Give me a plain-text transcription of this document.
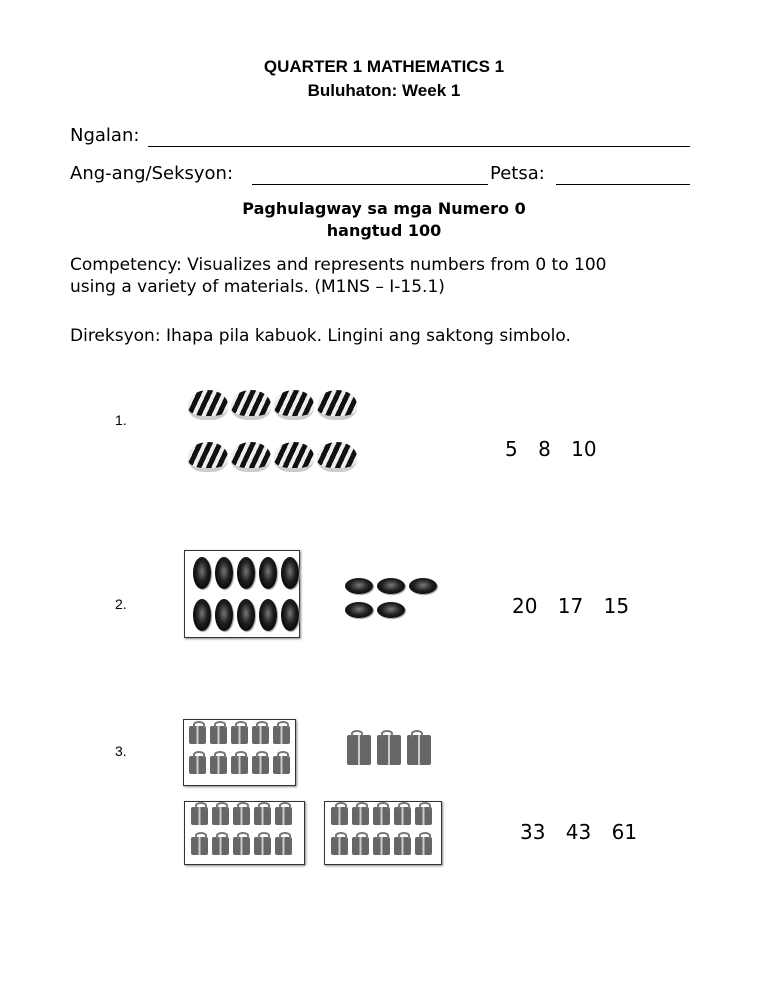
QUARTER 1 MATHEMATICS 1
Buluhaton: Week 1
Ngalan:
Ang-ang/Seksyon:	Petsa:
Paghulagway sa mga Numero 0
hangtud 100
Competency: Visualizes and represents numbers from 0 to 100
using a variety of materials. (M1NS – I-15.1)
Direksyon: Ihapa pila kabuok. Lingini ang saktong simbolo.
1.
5 8 10
2.	20 17 15
3.
33 43 61
